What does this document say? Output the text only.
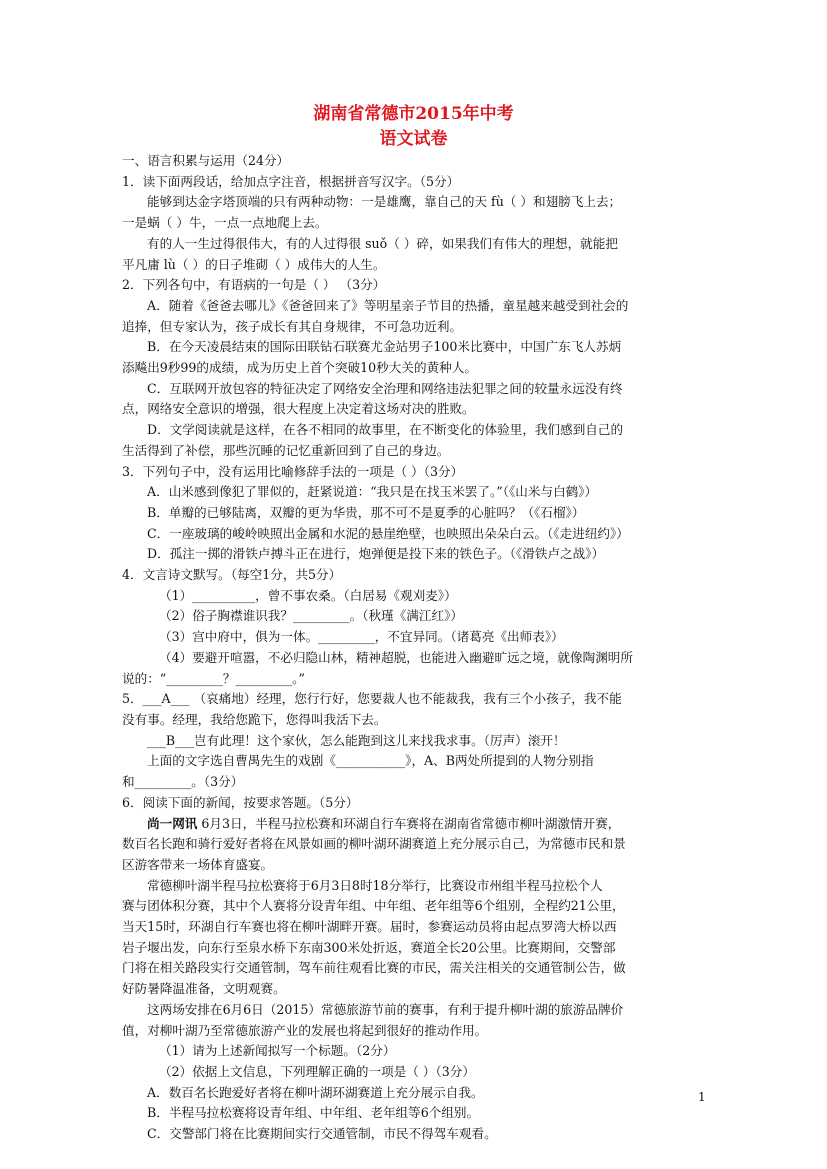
湖南省常德市2015年中考
语文试卷

一、语言积累与运用（24分）

1．读下面两段话，给加点字注音，根据拼音写汉字。（5分）

能够到达金字塔顶端的只有两种动物：一是雄鹰，靠自己的天 fù（ ）和翅膀飞上去；

一是蜗（ ）牛，一点一点地爬上去。

有的人一生过得很伟大，有的人过得很 suǒ（ ）碎，如果我们有伟大的理想，就能把

平凡庸 lù（ ）的日子堆砌（ ）成伟大的人生。

2．下列各句中，有语病的一句是（ ） （3分）

A．随着《爸爸去哪儿》《爸爸回来了》等明星亲子节目的热播，童星越来越受到社会的

追捧，但专家认为，孩子成长有其自身规律，不可急功近利。

B．在今天凌晨结束的国际田联钻石联赛尤金站男子100米比赛中，中国广东飞人苏炳

添飚出9秒99的成绩，成为历史上首个突破10秒大关的黄种人。

C．互联网开放包容的特征决定了网络安全治理和网络违法犯罪之间的较量永远没有终

点，网络安全意识的增强，很大程度上决定着这场对决的胜败。

D．文学阅读就是这样，在各不相同的故事里，在不断变化的体验里，我们感到自己的

生活得到了补偿，那些沉睡的记忆重新回到了自己的身边。

3．下列句子中，没有运用比喻修辞手法的一项是（ ）（3分）

A．山米感到像犯了罪似的，赶紧说道：“我只是在找玉米罢了。”（《山米与白鹤》）

B．单瓣的已够陆离，双瓣的更为华贵，那不可不是夏季的心脏吗？（《石榴》）

C．一座玻璃的峻岭映照出金属和水泥的悬崖绝壁，也映照出朵朵白云。（《走进纽约》）

D．孤注一掷的滑铁卢搏斗正在进行，炮弹便是投下来的铁色子。（《滑铁卢之战》）

4．文言诗文默写。（每空1分，共5分）

（1）__________，曾不事农桑。（白居易《观刈麦》）

（2）俗子胸襟谁识我？_________。（秋瑾《满江红》）

（3）宫中府中，俱为一体。_________，不宜异同。（诸葛亮《出师表》）

（4）要避开喧嚣，不必归隐山林，精神超脱，也能进入幽避旷远之境，就像陶渊明所

说的：“_________？_________。”

5．___A___ （哀痛地）经理，您行行好，您要裁人也不能裁我，我有三个小孩子，我不能

没有事。经理，我给您跪下，您得叫我活下去。

___B___岂有此理！这个家伙，怎么能跑到这儿来找我求事。（厉声）滚开！

上面的文字选自曹禺先生的戏剧《___________》，A、B两处所提到的人物分别指

和_________。（3分）

6．阅读下面的新闻，按要求答题。（5分）

尚一网讯 6月3日，半程马拉松赛和环湖自行车赛将在湖南省常德市柳叶湖激情开赛，

数百名长跑和骑行爱好者将在风景如画的柳叶湖环湖赛道上充分展示自己，为常德市民和景

区游客带来一场体育盛宴。

常德柳叶湖半程马拉松赛将于6月3日8时18分举行，比赛设市州组半程马拉松个人

赛与团体积分赛，其中个人赛将分设青年组、中年组、老年组等6个组别，全程约21公里，

当天15时，环湖自行车赛也将在柳叶湖畔开赛。届时，参赛运动员将由起点罗湾大桥以西

岩子堰出发，向东行至泉水桥下东南300米处折返，赛道全长20公里。比赛期间，交警部

门将在相关路段实行交通管制，驾车前往观看比赛的市民，需关注相关的交通管制公告，做

好防暑降温准备，文明观赛。

这两场安排在6月6日（2015）常德旅游节前的赛事，有利于提升柳叶湖的旅游品牌价

值，对柳叶湖乃至常德旅游产业的发展也将起到很好的推动作用。

（1）请为上述新闻拟写一个标题。（2分）

（2）依据上文信息，下列理解正确的一项是（ ）（3分）

A．数百名长跑爱好者将在柳叶湖环湖赛道上充分展示自我。

B．半程马拉松赛将设青年组、中年组、老年组等6个组别。

C．交警部门将在比赛期间实行交通管制，市民不得驾车观看。

1
